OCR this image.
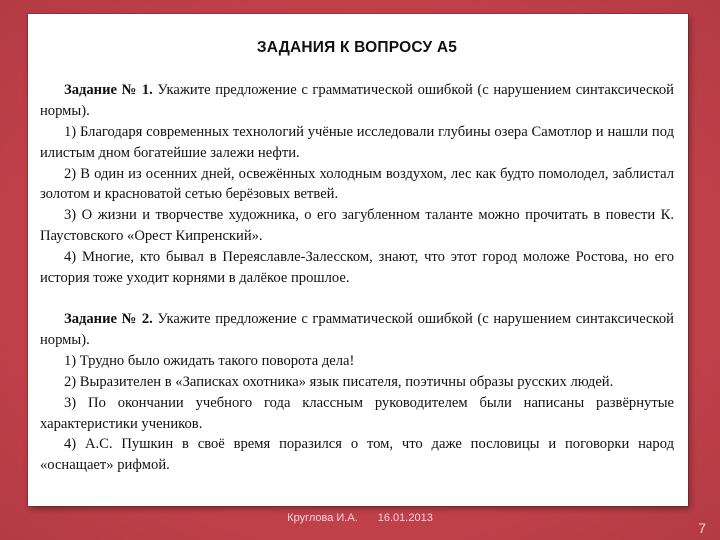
ЗАДАНИЯ К ВОПРОСУ А5

Задание № 1. Укажите предложение с грамматической ошибкой (с нарушением синтаксической нормы).

1) Благодаря современных технологий учёные исследовали глубины озера Самотлор и нашли под илистым дном богатейшие залежи нефти.

2) В один из осенних дней, освежённых холодным воздухом, лес как будто помолодел, заблистал золотом и красноватой сетью берёзовых ветвей.

3) О жизни и творчестве художника, о его загубленном таланте можно прочитать в повести К. Паустовского «Орест Кипренский».

4) Многие, кто бывал в Переяславле-Залесском, знают, что этот город моложе Ростова, но его история тоже уходит корнями в далёкое прошлое.

Задание № 2. Укажите предложение с грамматической ошибкой (с нарушением синтаксической нормы).

1) Трудно было ожидать такого поворота дела!

2) Выразителен в «Записках охотника» язык писателя, поэтичны образы русских людей.

3) По окончании учебного года классным руководителем были написаны развёрнутые характеристики учеников.

4) А.С. Пушкин в своё время поразился о том, что даже пословицы и поговорки народ «оснащает» рифмой.

Круглова И.А. 16.01.2013
7
